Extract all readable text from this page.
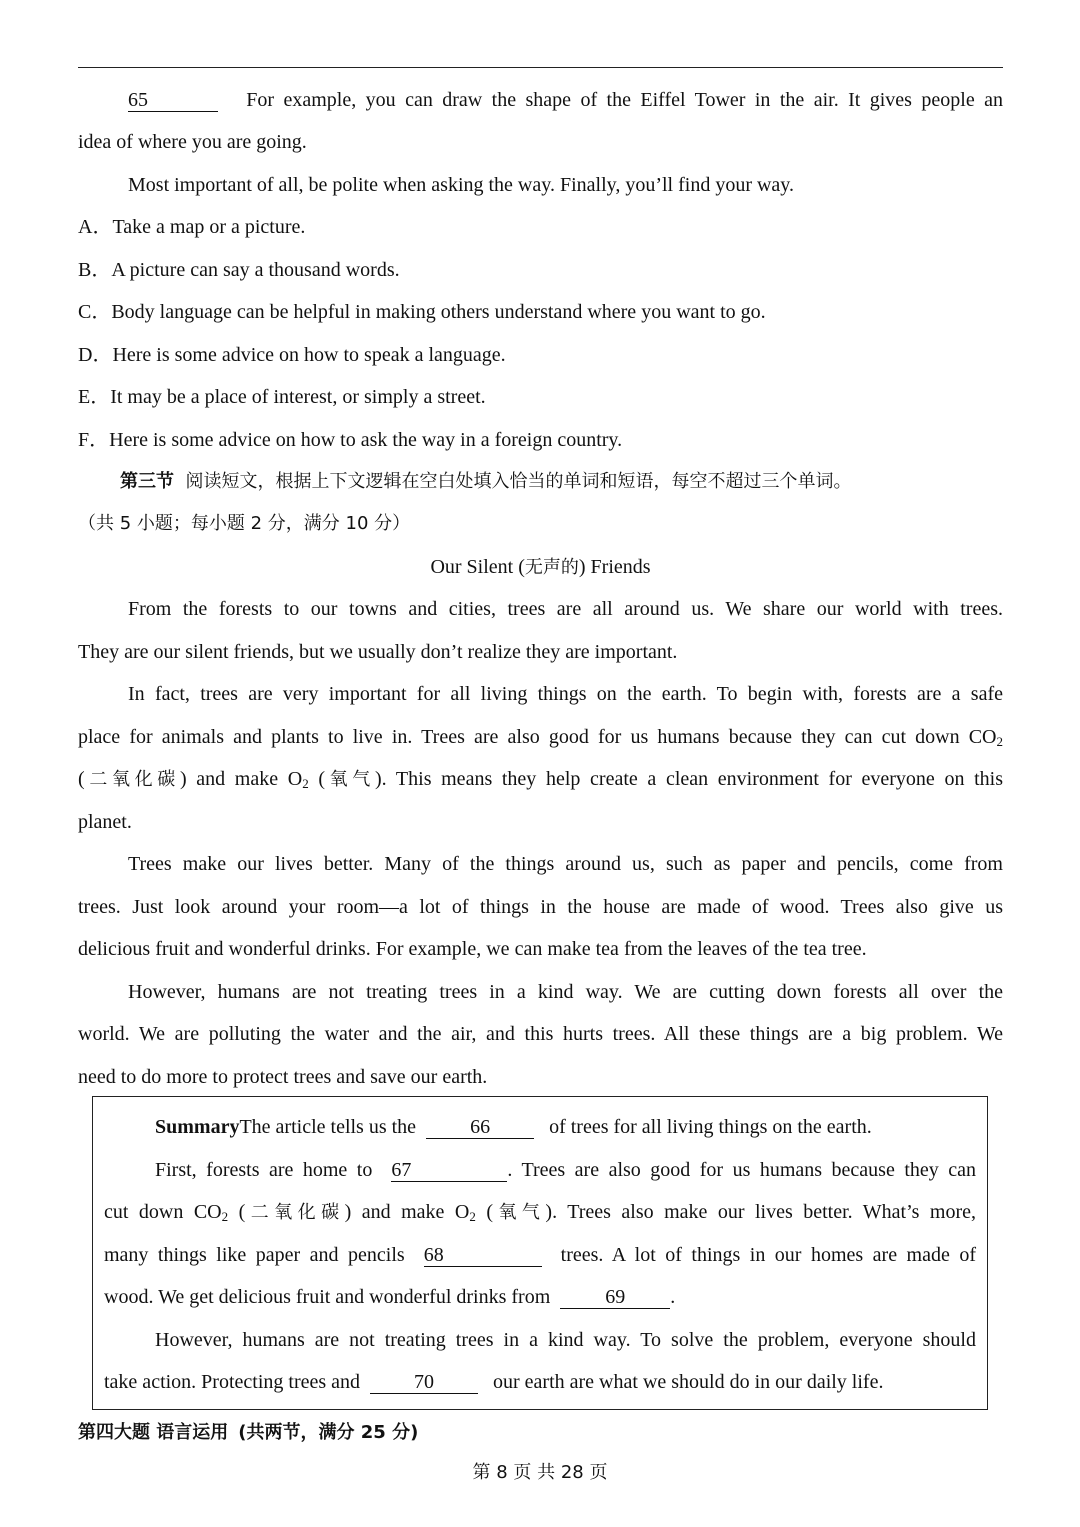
65	For example, you can draw the shape of the Eiffel Tower in the air. It gives people an
idea of where you are going.
Most important of all, be polite when asking the way. Finally, you’ll find your way.
A．Take a map or a picture.
B．A picture can say a thousand words.
C．Body language can be helpful in making others understand where you want to go.
D．Here is some advice on how to speak a language.
E．It may be a place of interest, or simply a street.
F．Here is some advice on how to ask the way in a foreign country.
第三节 阅读短文，根据上下文逻辑在空白处填入恰当的单词和短语，每空不超过三个单词。
（共 5 小题；每小题 2 分，满分 10 分）
Our Silent (无声的) Friends
From the forests to our towns and cities, trees are all around us. We share our world with trees.
They are our silent friends, but we usually don’t realize they are important.
In fact, trees are very important for all living things on the earth. To begin with, forests are a safe
place for animals and plants to live in. Trees are also good for us humans because they can cut down $CO_2$
(二氧化碳) and make $O_2$ (氧气). This means they help create a clean environment for everyone on this
planet.
Trees make our lives better. Many of the things around us, such as paper and pencils, come from
trees. Just look around your room—a lot of things in the house are made of wood. Trees also give us
delicious fruit and wonderful drinks. For example, we can make tea from the leaves of the tea tree.
However, humans are not treating trees in a kind way. We are cutting down forests all over the
world. We are polluting the water and the air, and this hurts trees. All these things are a big problem. We
need to do more to protect trees and save our earth.
SummaryThe article tells us the	66	of trees for all living things on the earth.
First, forests are home to 67	. Trees are also good for us humans because they can
cut down $CO_2$ (二氧化碳) and make $O_2$ (氧气). Trees also make our lives better. What’s more,
many things like paper and pencils 68	trees. A lot of things in our homes are made of
wood. We get delicious fruit and wonderful drinks from	69 .
However, humans are not treating trees in a kind way. To solve the problem, everyone should
take action. Protecting trees and	70	our earth are what we should do in our daily life.
第四大题 语言运用 (共两节，满分 25 分)
第 8 页 共 28 页
